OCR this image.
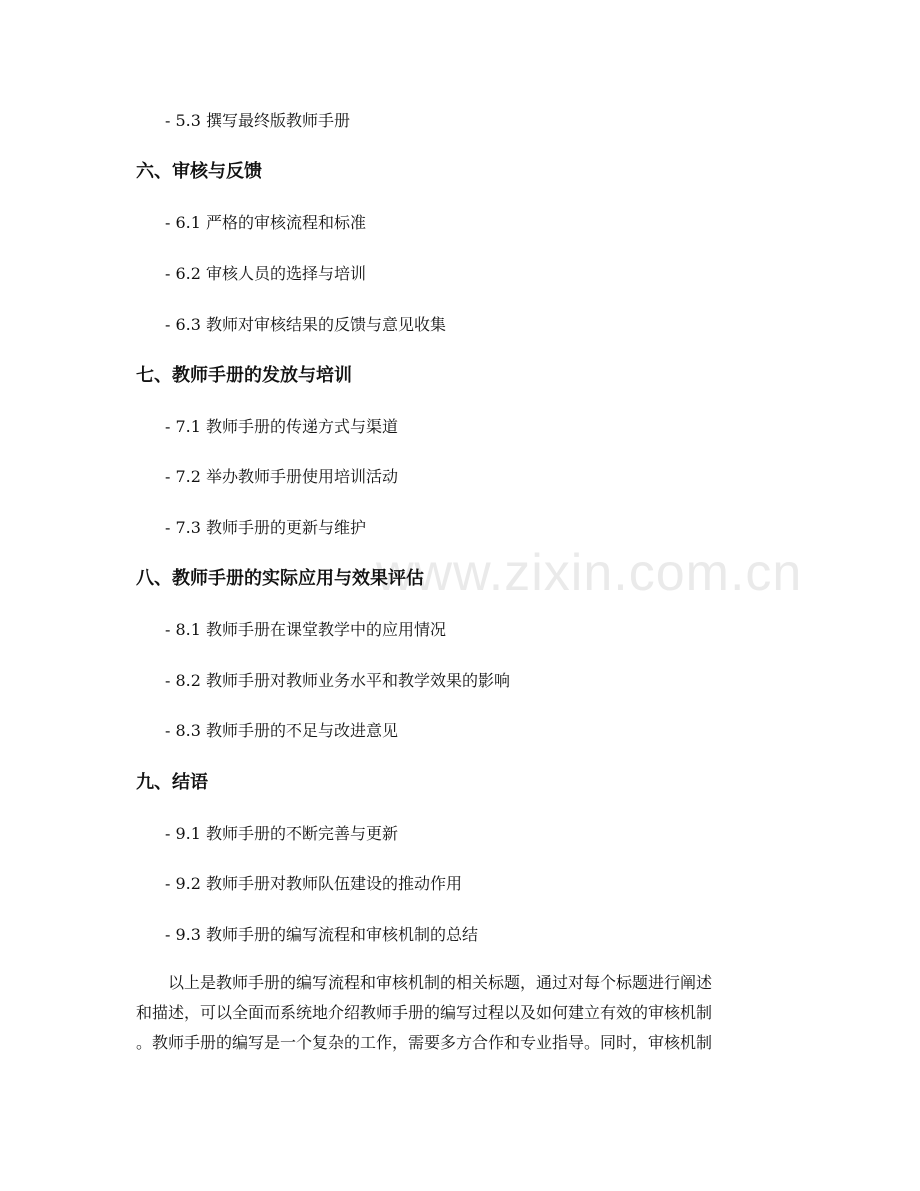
www.zixin.com.cn
- 5.3 撰写最终版教师手册
六、审核与反馈
- 6.1 严格的审核流程和标准
- 6.2 审核人员的选择与培训
- 6.3 教师对审核结果的反馈与意见收集
七、教师手册的发放与培训
- 7.1 教师手册的传递方式与渠道
- 7.2 举办教师手册使用培训活动
- 7.3 教师手册的更新与维护
八、教师手册的实际应用与效果评估
- 8.1 教师手册在课堂教学中的应用情况
- 8.2 教师手册对教师业务水平和教学效果的影响
- 8.3 教师手册的不足与改进意见
九、结语
- 9.1 教师手册的不断完善与更新
- 9.2 教师手册对教师队伍建设的推动作用
- 9.3 教师手册的编写流程和审核机制的总结
以上是教师手册的编写流程和审核机制的相关标题，通过对每个标题进行阐述
和描述，可以全面而系统地介绍教师手册的编写过程以及如何建立有效的审核机制
。教师手册的编写是一个复杂的工作，需要多方合作和专业指导。同时，审核机制
